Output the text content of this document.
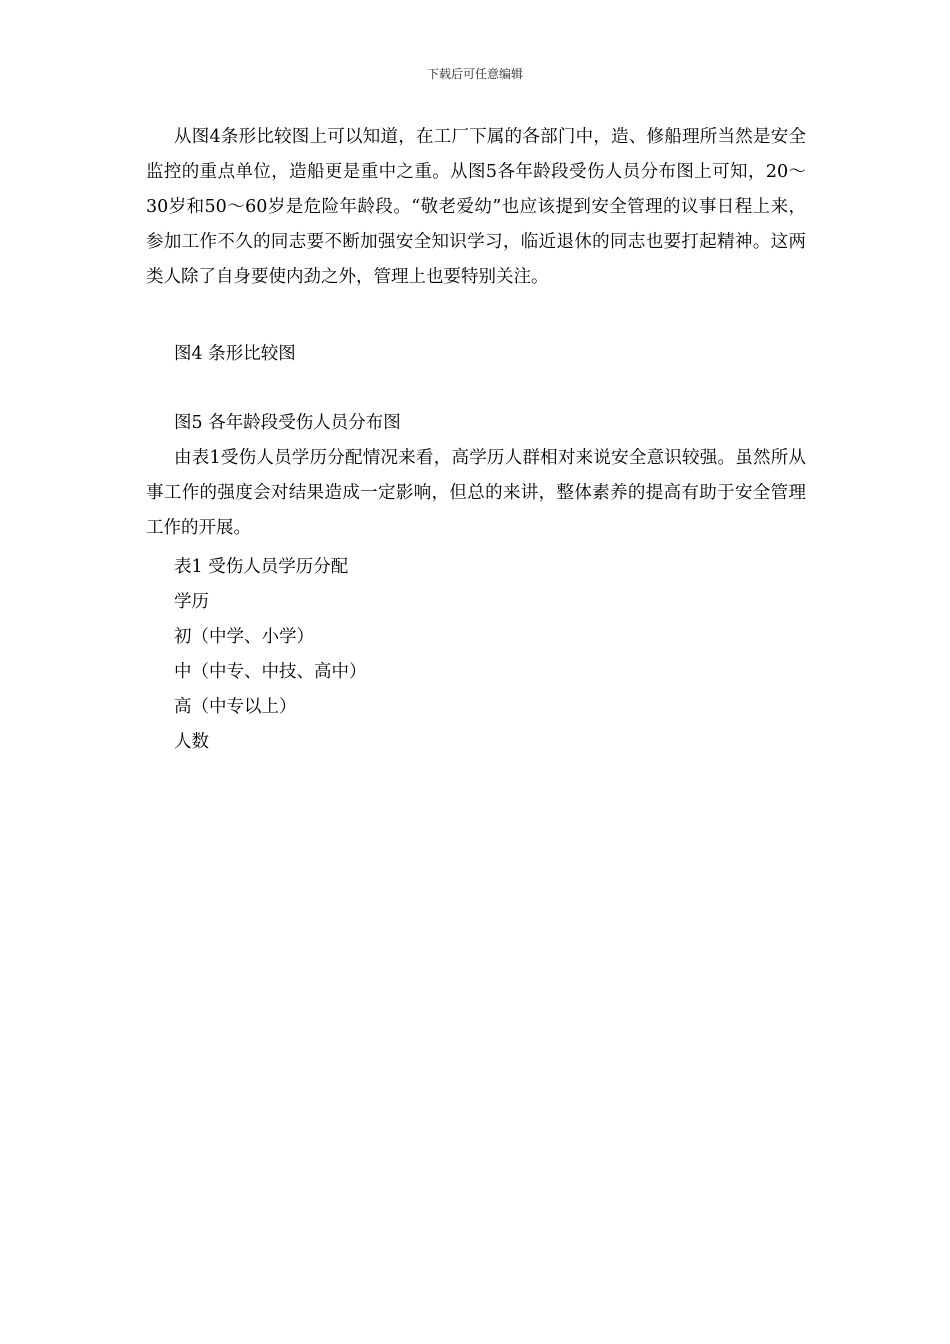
下载后可任意编辑

从图4条形比较图上可以知道，在工厂下属的各部门中，造、修船理所当然是安全监控的重点单位，造船更是重中之重。从图5各年龄段受伤人员分布图上可知，20～30岁和50～60岁是危险年龄段。“敬老爱幼”也应该提到安全管理的议事日程上来，参加工作不久的同志要不断加强安全知识学习，临近退休的同志也要打起精神。这两类人除了自身要使内劲之外，管理上也要特别关注。

图4 条形比较图
图5 各年龄段受伤人员分布图

由表1受伤人员学历分配情况来看，高学历人群相对来说安全意识较强。虽然所从事工作的强度会对结果造成一定影响，但总的来讲，整体素养的提高有助于安全管理工作的开展。

表1 受伤人员学历分配
学历
初（中学、小学）
中（中专、中技、高中）
高（中专以上）
人数
